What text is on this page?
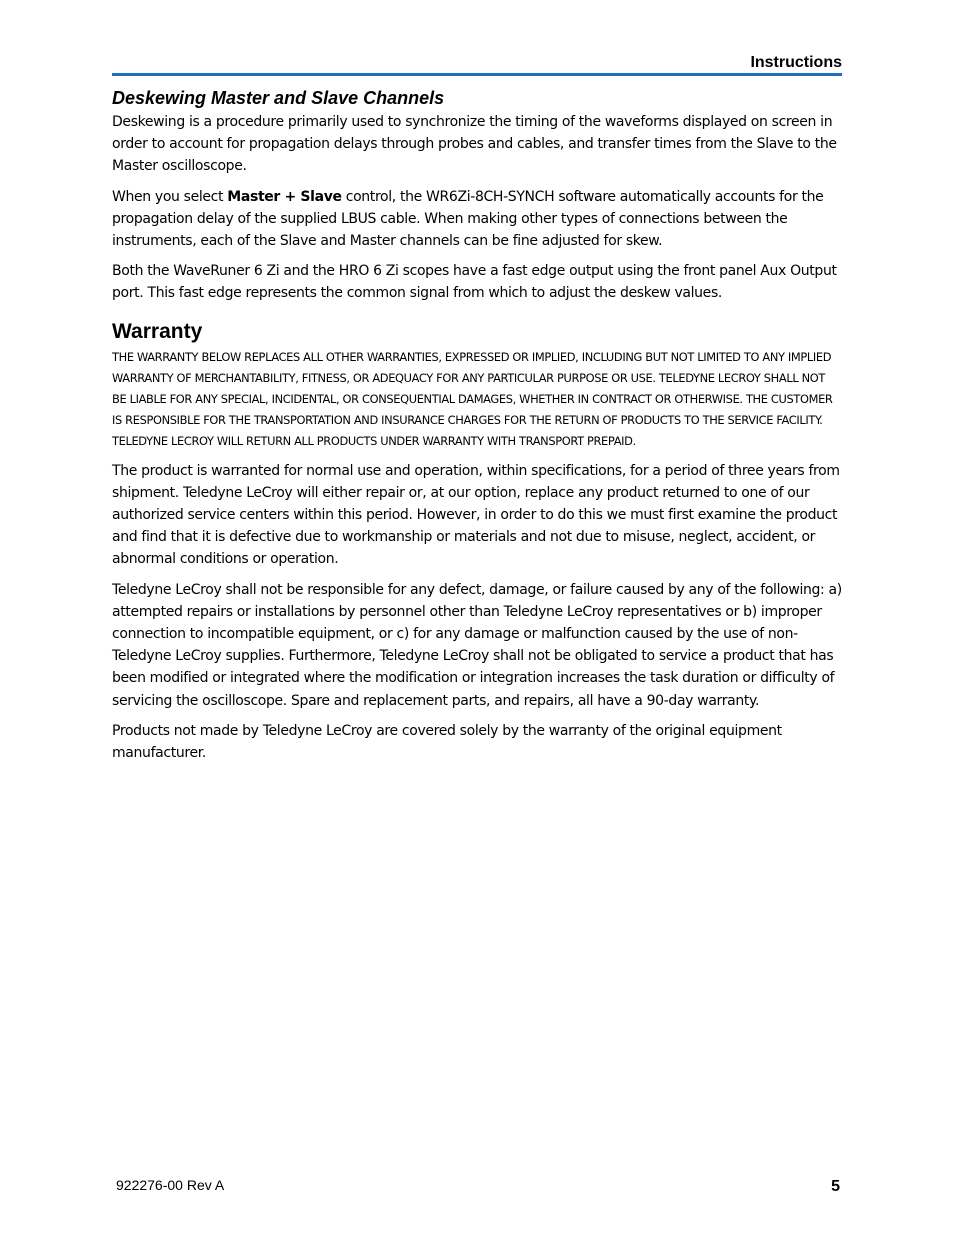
Instructions
Deskewing Master and Slave Channels

Deskewing is a procedure primarily used to synchronize the timing of the waveforms displayed on screen in order to account for propagation delays through probes and cables, and transfer times from the Slave to the Master oscilloscope.

When you select Master + Slave control, the WR6Zi-8CH-SYNCH software automatically accounts for the propagation delay of the supplied LBUS cable. When making other types of connections between the instruments, each of the Slave and Master channels can be fine adjusted for skew.

Both the WaveRuner 6 Zi and the HRO 6 Zi scopes have a fast edge output using the front panel Aux Output port. This fast edge represents the common signal from which to adjust the deskew values.

Warranty

THE WARRANTY BELOW REPLACES ALL OTHER WARRANTIES, EXPRESSED OR IMPLIED, INCLUDING BUT NOT LIMITED TO ANY IMPLIED WARRANTY OF MERCHANTABILITY, FITNESS, OR ADEQUACY FOR ANY PARTICULAR PURPOSE OR USE. TELEDYNE LECROY SHALL NOT BE LIABLE FOR ANY SPECIAL, INCIDENTAL, OR CONSEQUENTIAL DAMAGES, WHETHER IN CONTRACT OR OTHERWISE. THE CUSTOMER IS RESPONSIBLE FOR THE TRANSPORTATION AND INSURANCE CHARGES FOR THE RETURN OF PRODUCTS TO THE SERVICE FACILITY. TELEDYNE LECROY WILL RETURN ALL PRODUCTS UNDER WARRANTY WITH TRANSPORT PREPAID.

The product is warranted for normal use and operation, within specifications, for a period of three years from shipment. Teledyne LeCroy will either repair or, at our option, replace any product returned to one of our authorized service centers within this period. However, in order to do this we must first examine the product and find that it is defective due to workmanship or materials and not due to misuse, neglect, accident, or abnormal conditions or operation.

Teledyne LeCroy shall not be responsible for any defect, damage, or failure caused by any of the following: a) attempted repairs or installations by personnel other than Teledyne LeCroy representatives or b) improper connection to incompatible equipment, or c) for any damage or malfunction caused by the use of non-Teledyne LeCroy supplies. Furthermore, Teledyne LeCroy shall not be obligated to service a product that has been modified or integrated where the modification or integration increases the task duration or difficulty of servicing the oscilloscope. Spare and replacement parts, and repairs, all have a 90-day warranty.

Products not made by Teledyne LeCroy are covered solely by the warranty of the original equipment manufacturer.

922276-00 Rev A	5
